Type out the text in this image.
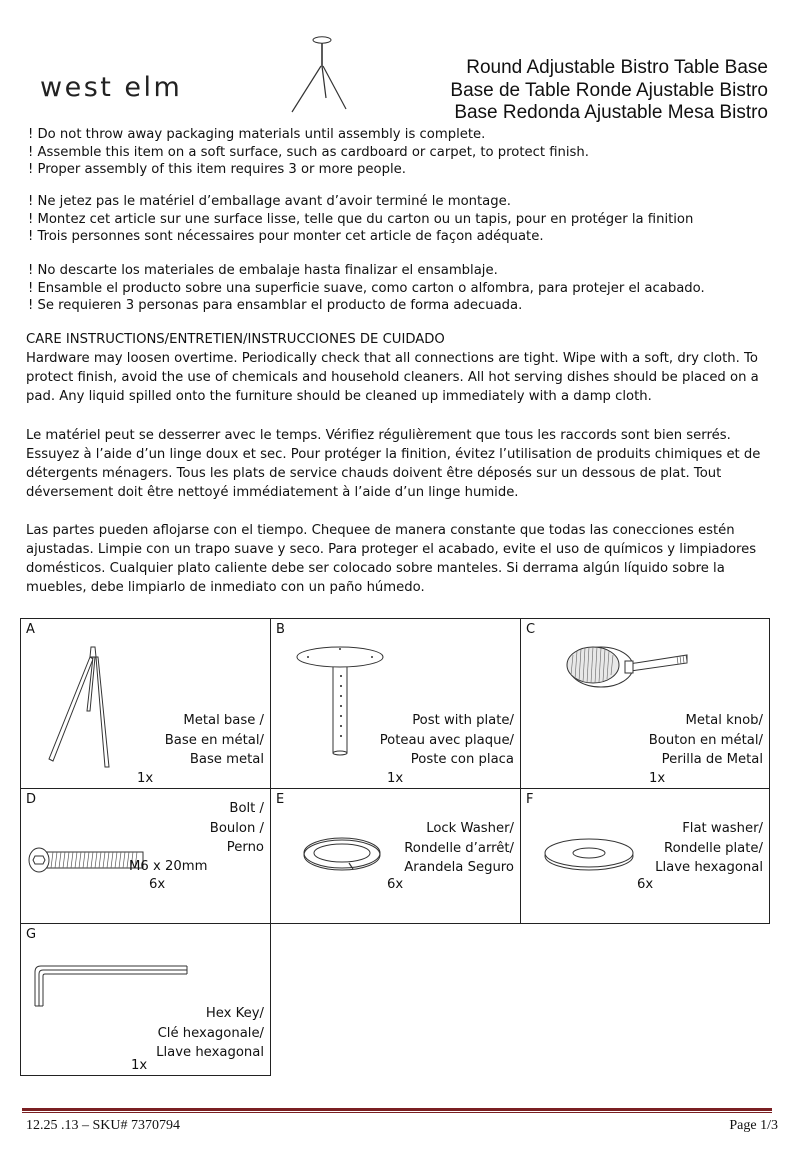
west elm
Round Adjustable Bistro Table Base
Base de Table Ronde Ajustable Bistro
Base Redonda Ajustable Mesa Bistro
! Do not throw away packaging materials until assembly is complete.
! Assemble this item on a soft surface, such as cardboard or carpet, to protect finish.
! Proper assembly of this item requires 3 or more people.
! Ne jetez pas le matériel d’emballage avant d’avoir terminé le montage.
! Montez cet article sur une surface lisse, telle que du carton ou un tapis, pour en protéger la finition
! Trois personnes sont nécessaires pour monter cet article de façon adéquate.
! No descarte los materiales de embalaje hasta finalizar el ensamblaje.
! Ensamble el producto sobre una superficie suave, como carton o alfombra, para protejer el acabado.
! Se requieren 3 personas para ensamblar el producto de forma adecuada.
CARE INSTRUCTIONS/ENTRETIEN/INSTRUCCIONES DE CUIDADO
Hardware may loosen overtime. Periodically check that all connections are tight. Wipe with a soft, dry cloth. To protect finish, avoid the use of chemicals and household cleaners. All hot serving dishes should be placed on a pad. Any liquid spilled onto the furniture should be cleaned up immediately with a damp cloth.
Le matériel peut se desserrer avec le temps. Vérifiez régulièrement que tous les raccords sont bien serrés. Essuyez à l’aide d’un linge doux et sec. Pour protéger la finition, évitez l’utilisation de produits chimiques et de détergents ménagers. Tous les plats de service chauds doivent être déposés sur un dessous de plat. Tout déversement doit être nettoyé immédiatement à l’aide d’un linge humide.
Las partes pueden aflojarse con el tiempo. Chequee de manera constante que todas las conecciones estén ajustadas. Limpie con un trapo suave y seco. Para proteger el acabado, evite el uso de químicos y limpiadores domésticos. Cualquier plato caliente debe ser colocado sobre manteles. Si derrama algún líquido sobre la muebles, debe limpiarlo de inmediato con un paño húmedo.
A
Metal base /
Base en métal/
Base metal
1x
B
Post with plate/
Poteau avec plaque/
Poste con placa
1x
C
Metal knob/
Bouton en métal/
Perilla de Metal
1x
D
Bolt /
Boulon /
Perno
M6 x 20mm
6x
E
Lock Washer/
Rondelle d’arrêt/
Arandela Seguro
6x
F
Flat washer/
Rondelle plate/
Llave hexagonal
6x
G
Hex Key/
Clé hexagonale/
Llave hexagonal
1x
12.25 .13 – SKU# 7370794	Page 1/3
